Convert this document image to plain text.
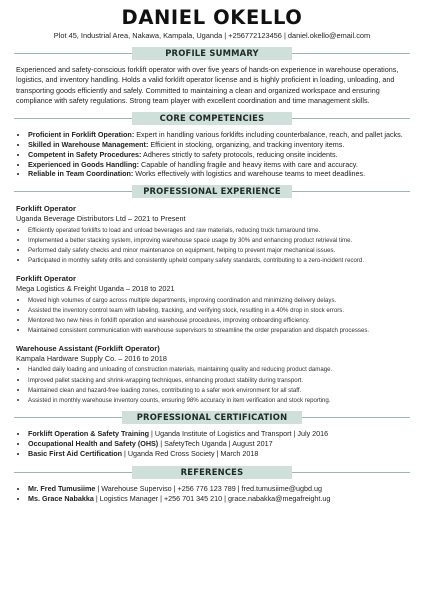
DANIEL OKELLO
Plot 45, Industrial Area, Nakawa, Kampala, Uganda | +256772123456 | daniel.okello@email.com
PROFILE SUMMARY
Experienced and safety-conscious forklift operator with over five years of hands-on experience in warehouse operations, logistics, and inventory handling. Holds a valid forklift operator license and is highly proficient in loading, unloading, and transporting goods efficiently and safely. Committed to maintaining a clean and organized workspace and ensuring compliance with safety regulations. Strong team player with excellent coordination and time management skills.
CORE COMPETENCIES
• Proficient in Forklift Operation: Expert in handling various forklifts including counterbalance, reach, and pallet jacks.
• Skilled in Warehouse Management: Efficient in stocking, organizing, and tracking inventory items.
• Competent in Safety Procedures: Adheres strictly to safety protocols, reducing onsite incidents.
• Experienced in Goods Handling: Capable of handling fragile and heavy items with care and accuracy.
• Reliable in Team Coordination: Works effectively with logistics and warehouse teams to meet deadlines.
PROFESSIONAL EXPERIENCE
Forklift Operator
Uganda Beverage Distributors Ltd – 2021 to Present
• Efficiently operated forklifts to load and unload beverages and raw materials, reducing truck turnaround time.
• Implemented a better stacking system, improving warehouse space usage by 30% and enhancing product retrieval time.
• Performed daily safety checks and minor maintenance on equipment, helping to prevent major mechanical issues.
• Participated in monthly safety drills and consistently upheld company safety standards, contributing to a zero-incident record.
Forklift Operator
Mega Logistics & Freight Uganda – 2018 to 2021
• Moved high volumes of cargo across multiple departments, improving coordination and minimizing delivery delays.
• Assisted the inventory control team with labeling, tracking, and verifying stock, resulting in a 40% drop in stock errors.
• Mentored two new hires in forklift operation and warehouse procedures, improving onboarding efficiency.
• Maintained consistent communication with warehouse supervisors to streamline the order preparation and dispatch processes.
Warehouse Assistant (Forklift Operator)
Kampala Hardware Supply Co. – 2016 to 2018
• Handled daily loading and unloading of construction materials, maintaining quality and reducing product damage.
• Improved pallet stacking and shrink-wrapping techniques, enhancing product stability during transport.
• Maintained clean and hazard-free loading zones, contributing to a safer work environment for all staff.
• Assisted in monthly warehouse inventory counts, ensuring 98% accuracy in item verification and stock reporting.
PROFESSIONAL CERTIFICATION
• Forklift Operation & Safety Training | Uganda Institute of Logistics and Transport | July 2016
• Occupational Health and Safety (OHS) | SafetyTech Uganda | August 2017
• Basic First Aid Certification | Uganda Red Cross Society | March 2018
REFERENCES
• Mr. Fred Tumusiime | Warehouse Superviso | +256 776 123 789 | fred.tumusiime@ugbd.ug
• Ms. Grace Nabakka | Logistics Manager | +256 701 345 210 | grace.nabakka@megafreight.ug
